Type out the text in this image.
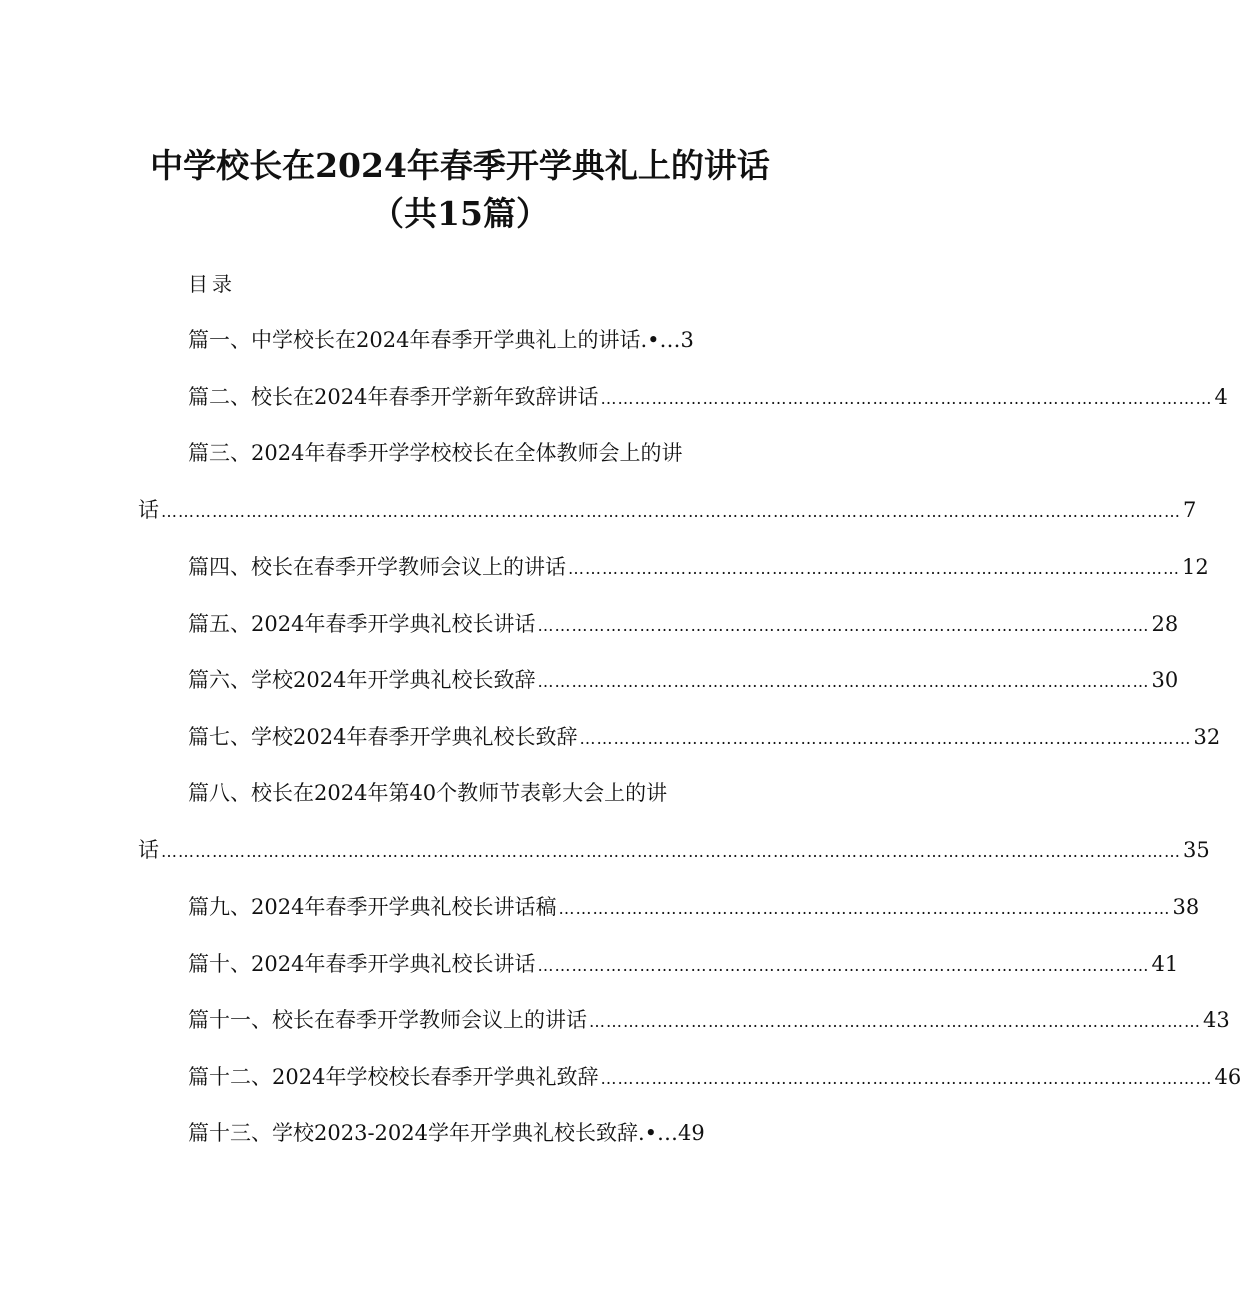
中学校长在2024年春季开学典礼上的讲话
（共15篇）
目录
篇一、中学校长在2024年春季开学典礼上的讲话.•…3
篇二、校长在2024年春季开学新年致辞讲话 ……………………………………………………………………………………………… 4
篇三、2024年春季开学学校校长在全体教师会上的讲
话 ……………………………………………………………………………………………………………………………………………………………… 7
篇四、校长在春季开学教师会议上的讲话 ……………………………………………………………………………………………… 12
篇五、2024年春季开学典礼校长讲话 ……………………………………………………………………………………………… 28
篇六、学校2024年开学典礼校长致辞 ……………………………………………………………………………………………… 30
篇七、学校2024年春季开学典礼校长致辞 ……………………………………………………………………………………………… 32
篇八、校长在2024年第40个教师节表彰大会上的讲
话 ……………………………………………………………………………………………………………………………………………………………… 35
篇九、2024年春季开学典礼校长讲话稿 ……………………………………………………………………………………………… 38
篇十、2024年春季开学典礼校长讲话 ……………………………………………………………………………………………… 41
篇十一、校长在春季开学教师会议上的讲话 ……………………………………………………………………………………………… 43
篇十二、2024年学校校长春季开学典礼致辞 ……………………………………………………………………………………………… 46
篇十三、学校2023-2024学年开学典礼校长致辞.•…49
